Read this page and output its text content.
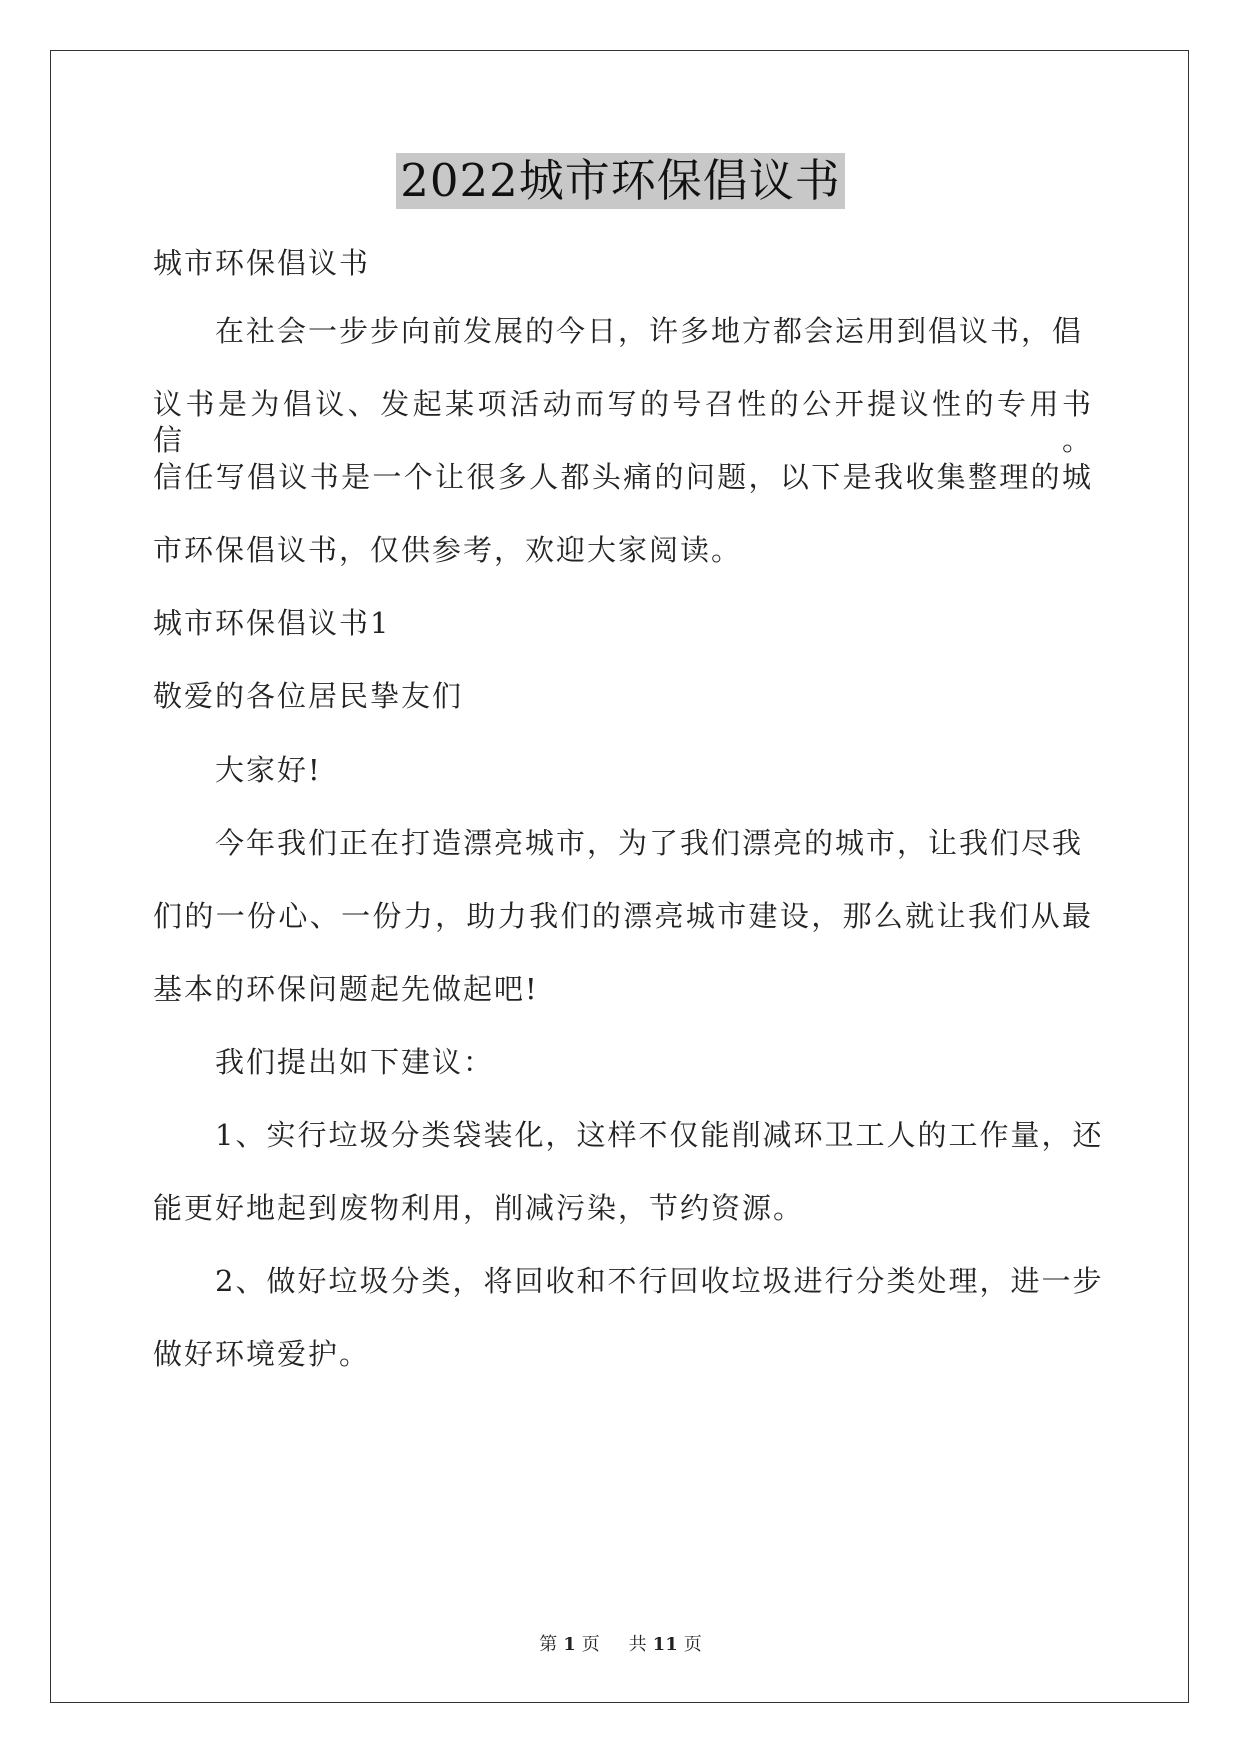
2022城市环保倡议书
城市环保倡议书
在社会一步步向前发展的今日，许多地方都会运用到倡议书，倡
议书是为倡议、发起某项活动而写的号召性的公开提议性的专用书信。
信任写倡议书是一个让很多人都头痛的问题，以下是我收集整理的城
市环保倡议书，仅供参考，欢迎大家阅读。
城市环保倡议书1
敬爱的各位居民挚友们
大家好!
今年我们正在打造漂亮城市，为了我们漂亮的城市，让我们尽我
们的一份心、一份力，助力我们的漂亮城市建设，那么就让我们从最
基本的环保问题起先做起吧!
我们提出如下建议：
1、实行垃圾分类袋装化，这样不仅能削减环卫工人的工作量，还
能更好地起到废物利用，削减污染，节约资源。
2、做好垃圾分类，将回收和不行回收垃圾进行分类处理，进一步
做好环境爱护。
第 1 页 共 11 页
